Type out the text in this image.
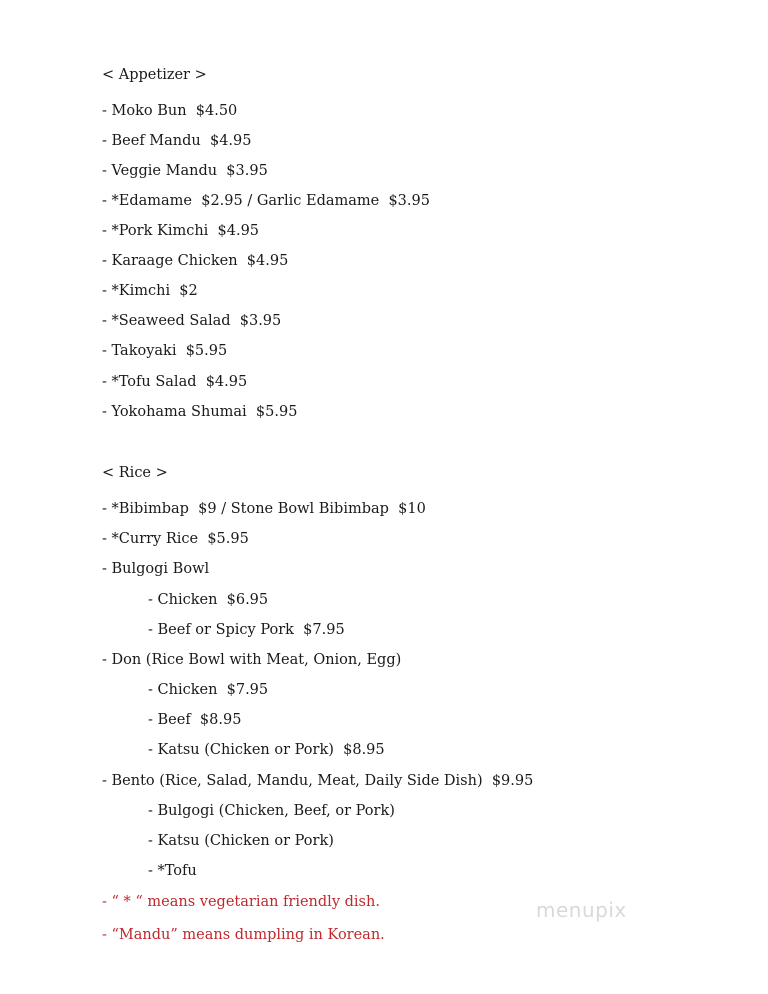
< Appetizer >
- Moko Bun  $4.50
- Beef Mandu  $4.95
- Veggie Mandu  $3.95
- *Edamame  $2.95 / Garlic Edamame  $3.95
- *Pork Kimchi  $4.95
- Karaage Chicken  $4.95
- *Kimchi  $2
- *Seaweed Salad  $3.95
- Takoyaki  $5.95
- *Tofu Salad  $4.95
- Yokohama Shumai  $5.95
< Rice >
- *Bibimbap  $9 / Stone Bowl Bibimbap  $10
- *Curry Rice  $5.95
- Bulgogi Bowl
- Chicken  $6.95
- Beef or Spicy Pork  $7.95
- Don (Rice Bowl with Meat, Onion, Egg)
- Chicken  $7.95
- Beef  $8.95
- Katsu (Chicken or Pork)  $8.95
- Bento (Rice, Salad, Mandu, Meat, Daily Side Dish)  $9.95
- Bulgogi (Chicken, Beef, or Pork)
- Katsu (Chicken or Pork)
- *Tofu
- “ * “ means vegetarian friendly dish.
- “Mandu” means dumpling in Korean.
menupix
